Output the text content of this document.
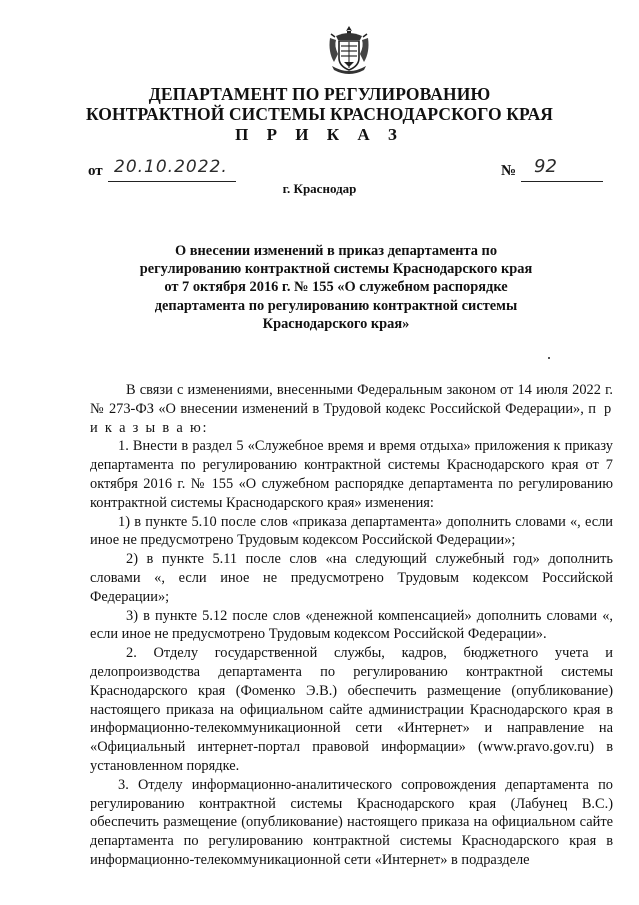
ДЕПАРТАМЕНТ ПО РЕГУЛИРОВАНИЮ
КОНТРАКТНОЙ СИСТЕМЫ КРАСНОДАРСКОГО КРАЯ
П Р И К А З
от 20.10.2022.	№ 92
г. Краснодар
О внесении изменений в приказ департамента по
регулированию контрактной системы Краснодарского края
от 7 октября 2016 г. № 155 «О служебном распорядке
департамента по регулированию контрактной системы
Краснодарского края»

В связи с изменениями, внесенными Федеральным законом от 14 июля 2022 г. № 273-ФЗ «О внесении изменений в Трудовой кодекс Российской Федерации», п р и к а з ы в а ю:

1. Внести в раздел 5 «Служебное время и время отдыха» приложения к приказу департамента по регулированию контрактной системы Краснодарского края от 7 октября 2016 г. № 155 «О служебном распорядке департамента по регулированию контрактной системы Краснодарского края» изменения:

1) в пункте 5.10 после слов «приказа департамента» дополнить словами «, если иное не предусмотрено Трудовым кодексом Российской Федерации»;

2) в пункте 5.11 после слов «на следующий служебный год» дополнить словами «, если иное не предусмотрено Трудовым кодексом Российской Федерации»;

3) в пункте 5.12 после слов «денежной компенсацией» дополнить словами «, если иное не предусмотрено Трудовым кодексом Российской Федерации».

2. Отделу государственной службы, кадров, бюджетного учета и делопроизводства департамента по регулированию контрактной системы Краснодарского края (Фоменко Э.В.) обеспечить размещение (опубликование) настоящего приказа на официальном сайте администрации Краснодарского края в информационно-телекоммуникационной сети «Интернет» и направление на «Официальный интернет-портал правовой информации» (www.pravo.gov.ru) в установленном порядке.

3. Отделу информационно-аналитического сопровождения департамента по регулированию контрактной системы Краснодарского края (Лабунец В.С.) обеспечить размещение (опубликование) настоящего приказа на официальном сайте департамента по регулированию контрактной системы Краснодарского края в информационно-телекоммуникационной сети «Интернет» в подразделе
